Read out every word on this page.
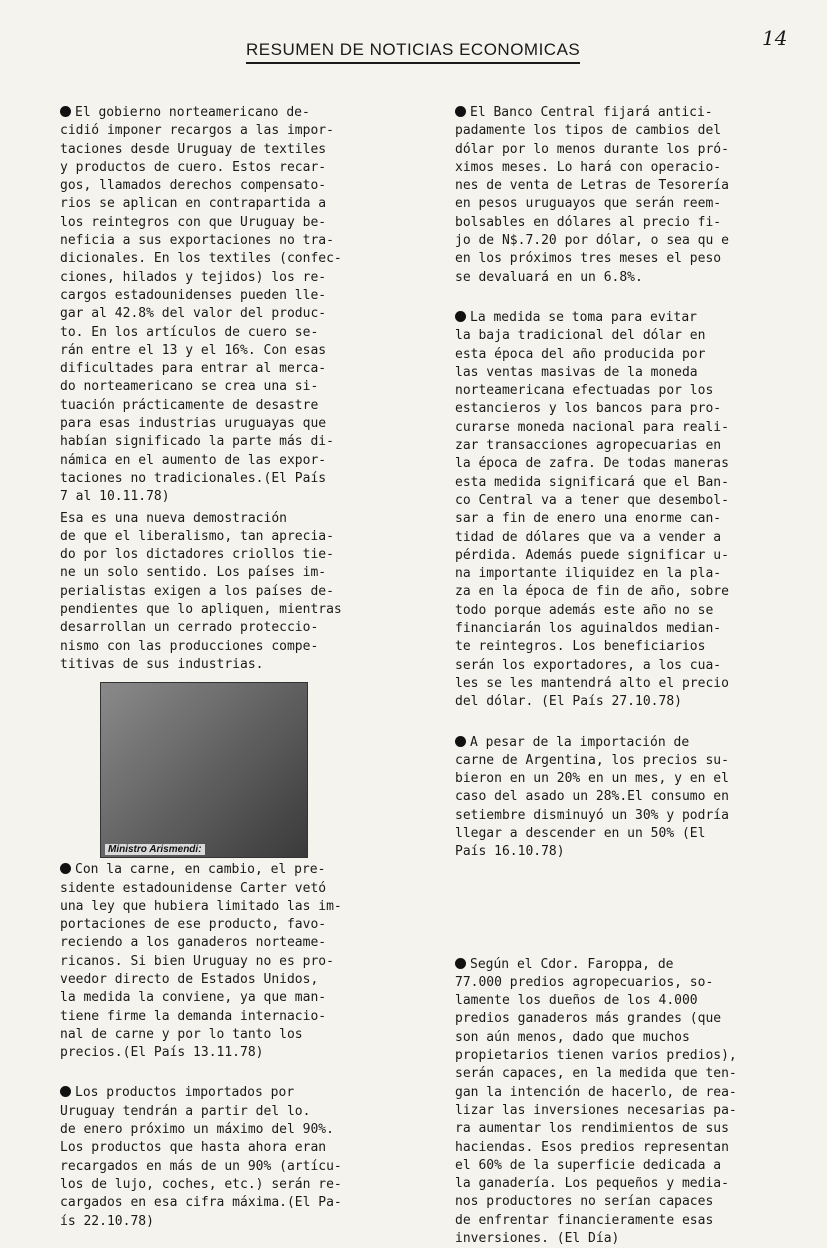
14
RESUMEN DE NOTICIAS ECONOMICAS

El gobierno norteamericano de-
cidió imponer recargos a las impor-
taciones desde Uruguay de textiles
y productos de cuero. Estos recar-
gos, llamados derechos compensato-
rios se aplican en contrapartida a
los reintegros con que Uruguay be-
neficia a sus exportaciones no tra-
dicionales. En los textiles (confec-
ciones, hilados y tejidos) los re-
cargos estadounidenses pueden lle-
gar al 42.8% del valor del produc-
to. En los artículos de cuero se-
rán entre el 13 y el 16%. Con esas
dificultades para entrar al merca-
do norteamericano se crea una si-
tuación prácticamente de desastre
para esas industrias uruguayas que
habían significado la parte más di-
námica en el aumento de las expor-
taciones no tradicionales.(El País
7 al 10.11.78)

Esa es una nueva demostración
de que el liberalismo, tan aprecia-
do por los dictadores criollos tie-
ne un solo sentido. Los países im-
perialistas exigen a los países de-
pendientes que lo apliquen, mientras
desarrollan un cerrado proteccio-
nismo con las producciones compe-
titivas de sus industrias.

Ministro Arismendi:

Con la carne, en cambio, el pre-
sidente estadounidense Carter vetó
una ley que hubiera limitado las im-
portaciones de ese producto, favo-
reciendo a los ganaderos norteame-
ricanos. Si bien Uruguay no es pro-
veedor directo de Estados Unidos,
la medida la conviene, ya que man-
tiene firme la demanda internacio-
nal de carne y por lo tanto los
precios.(El País 13.11.78)

Los productos importados por
Uruguay tendrán a partir del lo.
de enero próximo un máximo del 90%.
Los productos que hasta ahora eran
recargados en más de un 90% (artícu-
los de lujo, coches, etc.) serán re-
cargados en esa cifra máxima.(El Pa-
ís 22.10.78)

El Banco Central fijará antici-
padamente los tipos de cambios del
dólar por lo menos durante los pró-
ximos meses. Lo hará con operacio-
nes de venta de Letras de Tesorería
en pesos uruguayos que serán reem-
bolsables en dólares al precio fi-
jo de N$.7.20 por dólar, o sea qu e
en los próximos tres meses el peso
se devaluará en un 6.8%.

La medida se toma para evitar
la baja tradicional del dólar en
esta época del año producida por
las ventas masivas de la moneda
norteamericana efectuadas por los
estancieros y los bancos para pro-
curarse moneda nacional para reali-
zar transacciones agropecuarias en
la época de zafra. De todas maneras
esta medida significará que el Ban-
co Central va a tener que desembol-
sar a fin de enero una enorme can-
tidad de dólares que va a vender a
pérdida. Además puede significar u-
na importante iliquidez en la pla-
za en la época de fin de año, sobre
todo porque además este año no se
financiarán los aguinaldos median-
te reintegros. Los beneficiarios
serán los exportadores, a los cua-
les se les mantendrá alto el precio
del dólar. (El País 27.10.78)

A pesar de la importación de
carne de Argentina, los precios su-
bieron en un 20% en un mes, y en el
caso del asado un 28%.El consumo en
setiembre disminuyó un 30% y podría
llegar a descender en un 50% (El
País 16.10.78)

Según el Cdor. Faroppa, de
77.000 predios agropecuarios, so-
lamente los dueños de los 4.000
predios ganaderos más grandes (que
son aún menos, dado que muchos
propietarios tienen varios predios),
serán capaces, en la medida que ten-
gan la intención de hacerlo, de rea-
lizar las inversiones necesarias pa-
ra aumentar los rendimientos de sus
haciendas. Esos predios representan
el 60% de la superficie dedicada a
la ganadería. Los pequeños y media-
nos productores no serían capaces
de enfrentar financieramente esas
inversiones. (El Día)
